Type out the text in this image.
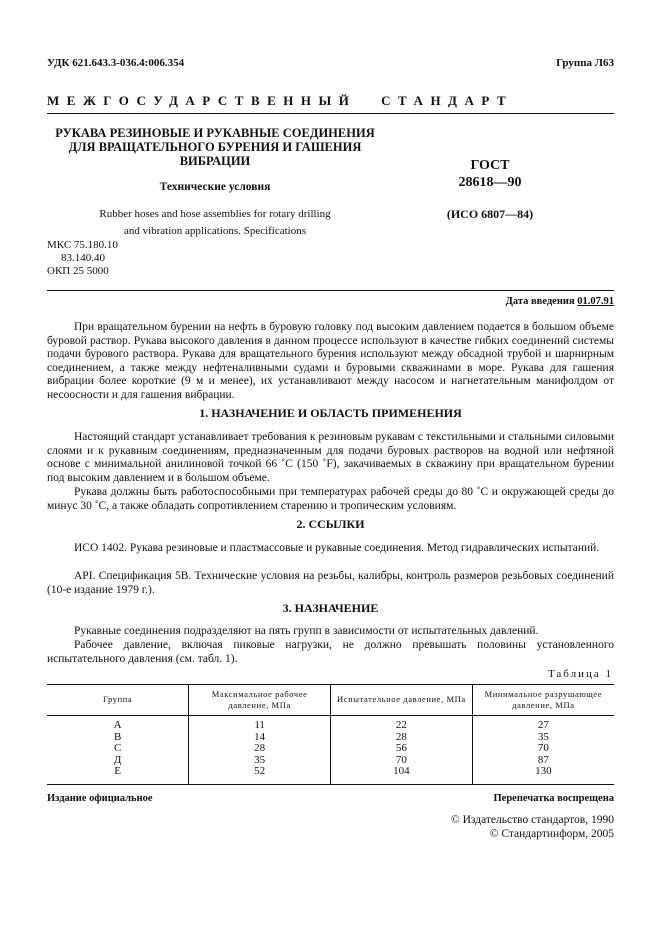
УДК 621.643.3-036.4:006.354	Группа Л63
МЕЖГОСУДАРСТВЕННЫЙ СТАНДАРТ
РУКАВА РЕЗИНОВЫЕ И РУКАВНЫЕ СОЕДИНЕНИЯ
ДЛЯ ВРАЩАТЕЛЬНОГО БУРЕНИЯ И ГАШЕНИЯ
ВИБРАЦИИ
Технические условия
Rubber hoses and hose assemblies for rotary drilling
and vibration applications. Specifications
ГОСТ
28618—90
(ИСО 6807—84)
МКС 75.180.10
83.140.40
ОКП 25 5000
Дата введения 01.07.91
При вращательном бурении на нефть в буровую головку под высоким давлением подается в большом объеме буровой раствор. Рукава высокого давления в данном процессе используют в качестве гибких соединений системы подачи бурового раствора. Рукава для вращательного бурения используют между обсадной трубой и шарнирным соединением, а также между нефтеналивными судами и буровыми скважинами в море. Рукава для гашения вибрации более короткие (9 м и менее), их устанавливают между насосом и нагнетательным манифолдом от несоосности и для гашения вибрации.
1. НАЗНАЧЕНИЕ И ОБЛАСТЬ ПРИМЕНЕНИЯ
Настоящий стандарт устанавливает требования к резиновым рукавам с текстильными и стальными силовыми слоями и к рукавным соединениям, предназначенным для подачи буровых растворов на водной или нефтяной основе с минимальной анилиновой точкой 66 ˚C (150 ˚F), закачиваемых в скважину при вращательном бурении под высоким давлением и в большом объеме.
Рукава должны быть работоспособными при температурах рабочей среды до 80 ˚C и окружающей среды до минус 30 ˚C, а также обладать сопротивлением старению и тропическим условиям.
2. ССЫЛКИ
ИСО 1402. Рукава резиновые и пластмассовые и рукавные соединения. Метод гидравлических испытаний.
API. Спецификация 5В. Технические условия на резьбы, калибры, контроль размеров резьбовых соединений (10-е издание 1979 г.).
3. НАЗНАЧЕНИЕ
Рукавные соединения подразделяют на пять групп в зависимости от испытательных давлений.
Рабочее давление, включая пиковые нагрузки, не должно превышать половины установленного испытательного давления (см. табл. 1).
Таблица 1
Группа	Максимальное рабочее давление, МПа	Испытательное давление, МПа	Минимальное разрушающее давление, МПа
А	11	22	27
В	14	28	35
С	28	56	70
Д	35	70	87
Е	52	104	130
Издание официальное	Перепечатка воспрещена
© Издательство стандартов, 1990
© Стандартинформ, 2005
